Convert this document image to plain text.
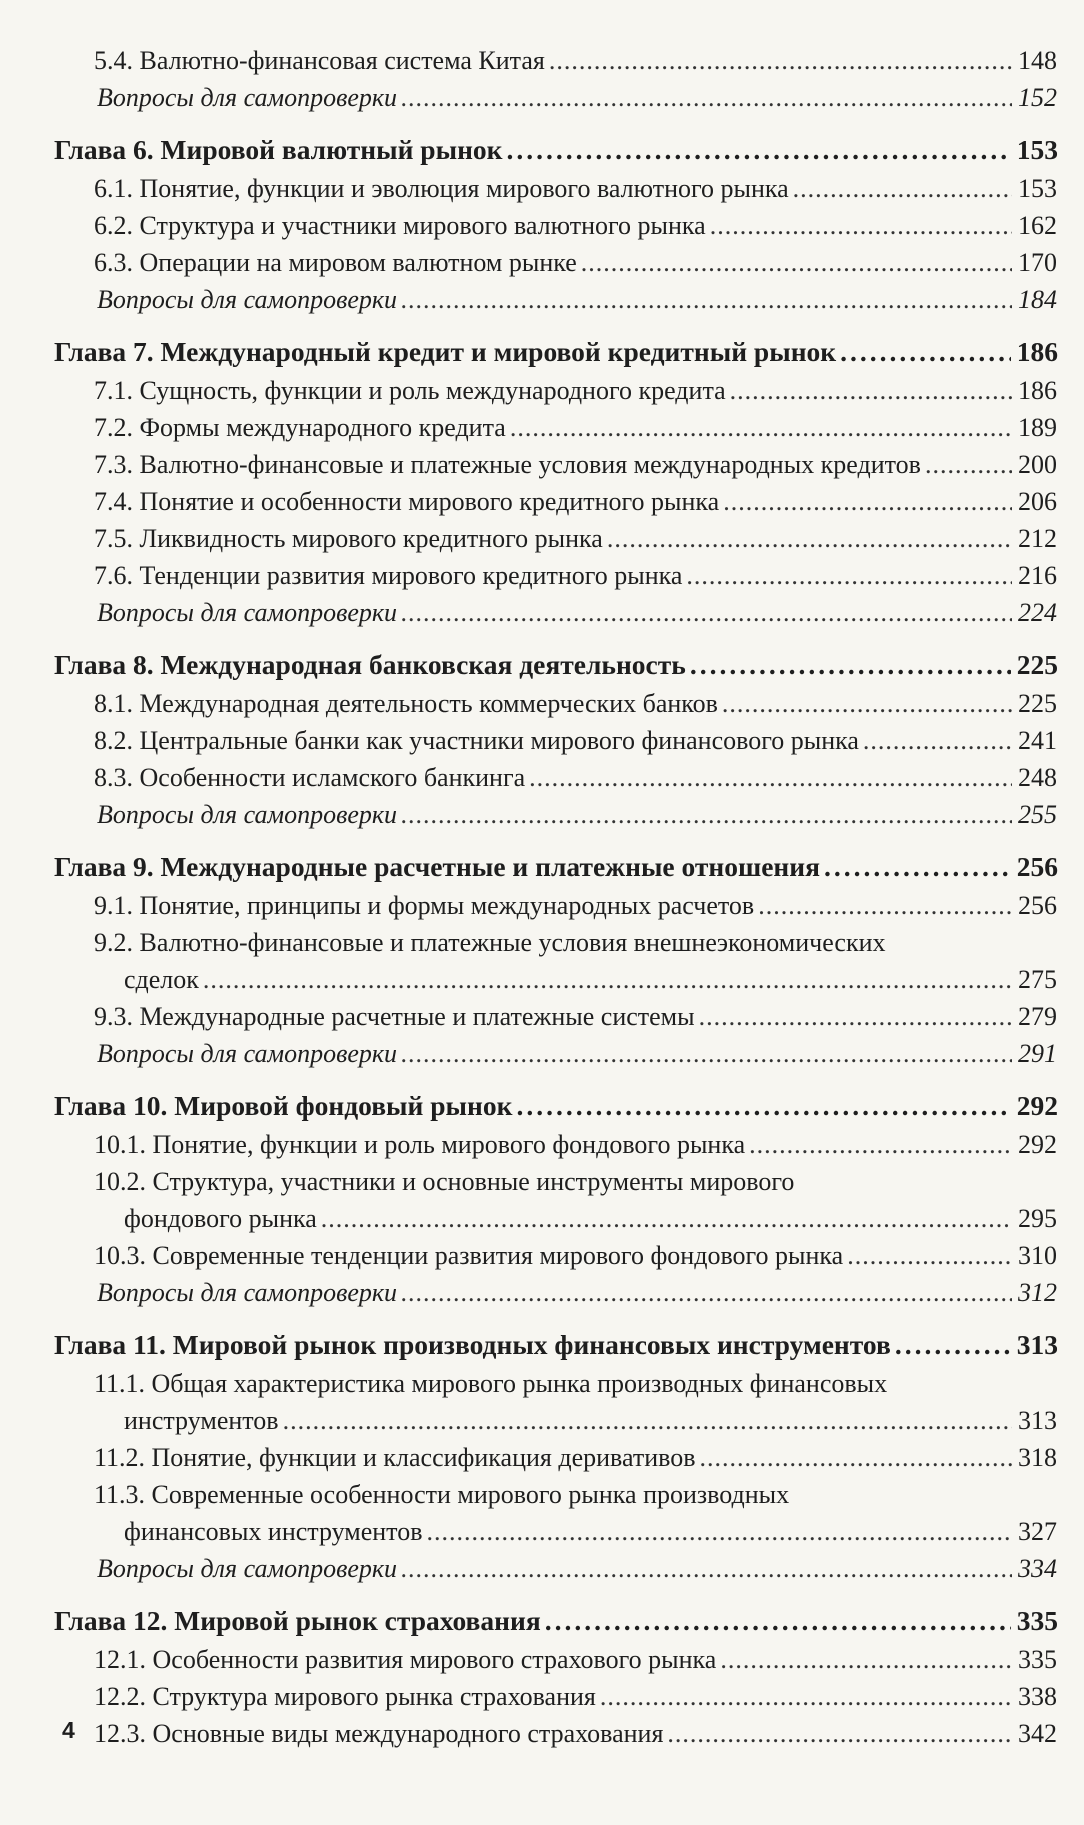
5.4. Валютно-финансовая система Китая .....	148
Вопросы для самопроверки .....	152
Глава 6. Мировой валютный рынок .....	153
6.1. Понятие, функции и эволюция мирового валютного рынка .....	153
6.2. Структура и участники мирового валютного рынка .....	162
6.3. Операции на мировом валютном рынке .....	170
Вопросы для самопроверки .....	184
Глава 7. Международный кредит и мировой кредитный рынок .....	186
7.1. Сущность, функции и роль международного кредита .....	186
7.2. Формы международного кредита .....	189
7.3. Валютно-финансовые и платежные условия международных кредитов .....	200
7.4. Понятие и особенности мирового кредитного рынка .....	206
7.5. Ликвидность мирового кредитного рынка .....	212
7.6. Тенденции развития мирового кредитного рынка .....	216
Вопросы для самопроверки .....	224
Глава 8. Международная банковская деятельность .....	225
8.1. Международная деятельность коммерческих банков .....	225
8.2. Центральные банки как участники мирового финансового рынка .....	241
8.3. Особенности исламского банкинга .....	248
Вопросы для самопроверки .....	255
Глава 9. Международные расчетные и платежные отношения .....	256
9.1. Понятие, принципы и формы международных расчетов .....	256
9.2. Валютно-финансовые и платежные условия внешнеэкономических
сделок .....	275
9.3. Международные расчетные и платежные системы .....	279
Вопросы для самопроверки .....	291
Глава 10. Мировой фондовый рынок .....	292
10.1. Понятие, функции и роль мирового фондового рынка .....	292
10.2. Структура, участники и основные инструменты мирового
фондового рынка .....	295
10.3. Современные тенденции развития мирового фондового рынка .....	310
Вопросы для самопроверки .....	312
Глава 11. Мировой рынок производных финансовых инструментов .....	313
11.1. Общая характеристика мирового рынка производных финансовых
инструментов .....	313
11.2. Понятие, функции и классификация деривативов .....	318
11.3. Современные особенности мирового рынка производных
финансовых инструментов .....	327
Вопросы для самопроверки .....	334
Глава 12. Мировой рынок страхования .....	335
12.1. Особенности развития мирового страхового рынка .....	335
12.2. Структура мирового рынка страхования .....	338
12.3. Основные виды международного страхования .....	342
4
